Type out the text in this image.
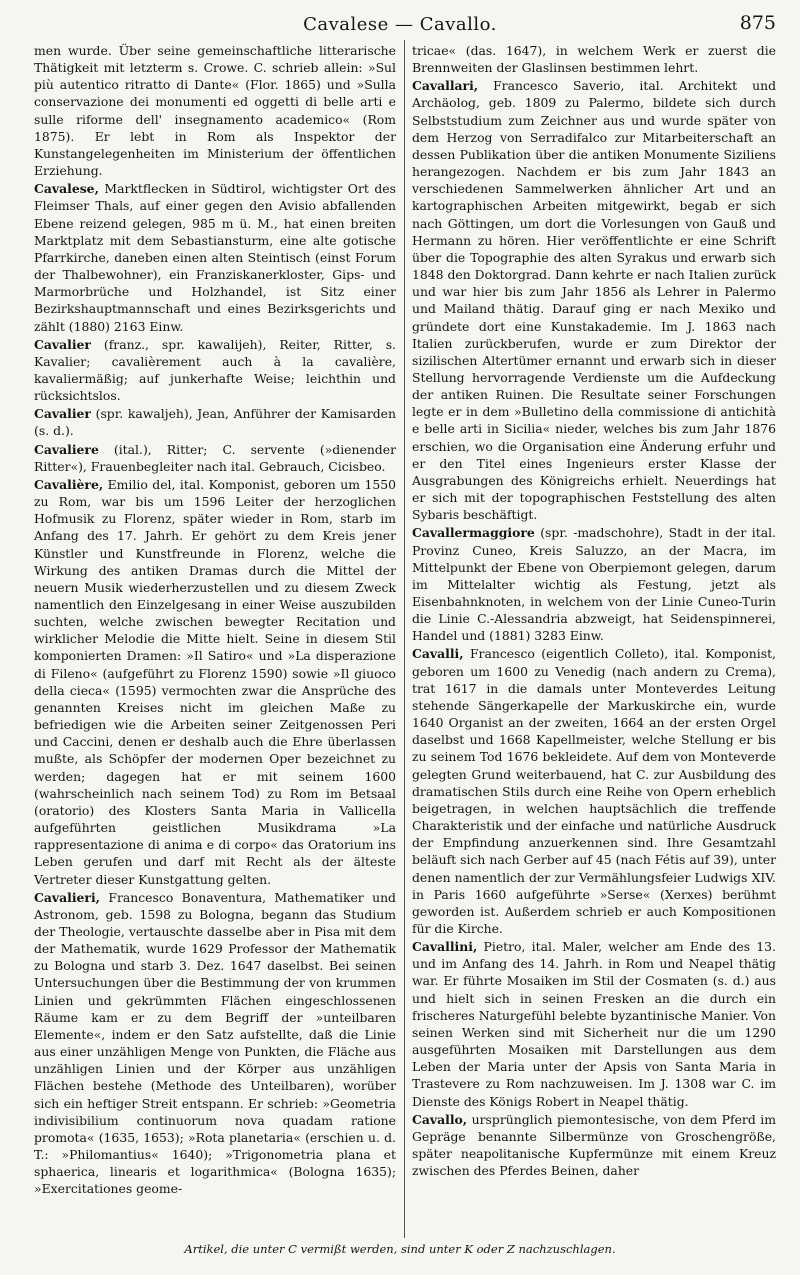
Cavalese — Cavallo.	875

men wurde. Über seine gemeinschaftliche litterarische Thätigkeit mit letzterm s. Crowe. C. schrieb allein: »Sul più autentico ritratto di Dante« (Flor. 1865) und »Sulla conservazione dei monumenti ed oggetti di belle arti e sulle riforme dell' insegnamento academico« (Rom 1875). Er lebt in Rom als Inspektor der Kunstangelegenheiten im Ministerium der öffentlichen Erziehung.

Cavalese, Marktflecken in Südtirol, wichtigster Ort des Fleimser Thals, auf einer gegen den Avisio abfallenden Ebene reizend gelegen, 985 m ü. M., hat einen breiten Marktplatz mit dem Sebastiansturm, eine alte gotische Pfarrkirche, daneben einen alten Steintisch (einst Forum der Thalbewohner), ein Franziskanerkloster, Gips- und Marmorbrüche und Holzhandel, ist Sitz einer Bezirkshauptmannschaft und eines Bezirksgerichts und zählt (1880) 2163 Einw.

Cavalier (franz., spr. kawalijeh), Reiter, Ritter, s. Kavalier; cavalièrement auch à la cavalière, kavaliermäßig; auf junkerhafte Weise; leichthin und rücksichtslos.

Cavalier (spr. kawaljeh), Jean, Anführer der Kamisarden (s. d.).

Cavaliere (ital.), Ritter; C. servente (»dienender Ritter«), Frauenbegleiter nach ital. Gebrauch, Cicisbeo.

Cavalière, Emilio del, ital. Komponist, geboren um 1550 zu Rom, war bis um 1596 Leiter der herzoglichen Hofmusik zu Florenz, später wieder in Rom, starb im Anfang des 17. Jahrh. Er gehört zu dem Kreis jener Künstler und Kunstfreunde in Florenz, welche die Wirkung des antiken Dramas durch die Mittel der neuern Musik wiederherzustellen und zu diesem Zweck namentlich den Einzelgesang in einer Weise auszubilden suchten, welche zwischen bewegter Recitation und wirklicher Melodie die Mitte hielt. Seine in diesem Stil komponierten Dramen: »Il Satiro« und »La disperazione di Fileno« (aufgeführt zu Florenz 1590) sowie »Il giuoco della cieca« (1595) vermochten zwar die Ansprüche des genannten Kreises nicht im gleichen Maße zu befriedigen wie die Arbeiten seiner Zeitgenossen Peri und Caccini, denen er deshalb auch die Ehre überlassen mußte, als Schöpfer der modernen Oper bezeichnet zu werden; dagegen hat er mit seinem 1600 (wahrscheinlich nach seinem Tod) zu Rom im Betsaal (oratorio) des Klosters Santa Maria in Vallicella aufgeführten geistlichen Musikdrama »La rappresentazione di anima e di corpo« das Oratorium ins Leben gerufen und darf mit Recht als der älteste Vertreter dieser Kunstgattung gelten.

Cavalieri, Francesco Bonaventura, Mathematiker und Astronom, geb. 1598 zu Bologna, begann das Studium der Theologie, vertauschte dasselbe aber in Pisa mit dem der Mathematik, wurde 1629 Professor der Mathematik zu Bologna und starb 3. Dez. 1647 daselbst. Bei seinen Untersuchungen über die Bestimmung der von krummen Linien und gekrümmten Flächen eingeschlossenen Räume kam er zu dem Begriff der »unteilbaren Elemente«, indem er den Satz aufstellte, daß die Linie aus einer unzähligen Menge von Punkten, die Fläche aus unzähligen Linien und der Körper aus unzähligen Flächen bestehe (Methode des Unteilbaren), worüber sich ein heftiger Streit entspann. Er schrieb: »Geometria indivisibilium continuorum nova quadam ratione promota« (1635, 1653); »Rota planetaria« (erschien u. d. T.: »Philomantius« 1640); »Trigonometria plana et sphaerica, linearis et logarithmica« (Bologna 1635); »Exercitationes geome-

tricae« (das. 1647), in welchem Werk er zuerst die Brennweiten der Glaslinsen bestimmen lehrt.

Cavallari, Francesco Saverio, ital. Architekt und Archäolog, geb. 1809 zu Palermo, bildete sich durch Selbststudium zum Zeichner aus und wurde später von dem Herzog von Serradifalco zur Mitarbeiterschaft an dessen Publikation über die antiken Monumente Siziliens herangezogen. Nachdem er bis zum Jahr 1843 an verschiedenen Sammelwerken ähnlicher Art und an kartographischen Arbeiten mitgewirkt, begab er sich nach Göttingen, um dort die Vorlesungen von Gauß und Hermann zu hören. Hier veröffentlichte er eine Schrift über die Topographie des alten Syrakus und erwarb sich 1848 den Doktorgrad. Dann kehrte er nach Italien zurück und war hier bis zum Jahr 1856 als Lehrer in Palermo und Mailand thätig. Darauf ging er nach Mexiko und gründete dort eine Kunstakademie. Im J. 1863 nach Italien zurückberufen, wurde er zum Direktor der sizilischen Altertümer ernannt und erwarb sich in dieser Stellung hervorragende Verdienste um die Aufdeckung der antiken Ruinen. Die Resultate seiner Forschungen legte er in dem »Bulletino della commissione di antichità e belle arti in Sicilia« nieder, welches bis zum Jahr 1876 erschien, wo die Organisation eine Änderung erfuhr und er den Titel eines Ingenieurs erster Klasse der Ausgrabungen des Königreichs erhielt. Neuerdings hat er sich mit der topographischen Feststellung des alten Sybaris beschäftigt.

Cavallermaggiore (spr. -madschohre), Stadt in der ital. Provinz Cuneo, Kreis Saluzzo, an der Macra, im Mittelpunkt der Ebene von Oberpiemont gelegen, darum im Mittelalter wichtig als Festung, jetzt als Eisenbahnknoten, in welchem von der Linie Cuneo-Turin die Linie C.-Alessandria abzweigt, hat Seidenspinnerei, Handel und (1881) 3283 Einw.

Cavalli, Francesco (eigentlich Colleto), ital. Komponist, geboren um 1600 zu Venedig (nach andern zu Crema), trat 1617 in die damals unter Monteverdes Leitung stehende Sängerkapelle der Markuskirche ein, wurde 1640 Organist an der zweiten, 1664 an der ersten Orgel daselbst und 1668 Kapellmeister, welche Stellung er bis zu seinem Tod 1676 bekleidete. Auf dem von Monteverde gelegten Grund weiterbauend, hat C. zur Ausbildung des dramatischen Stils durch eine Reihe von Opern erheblich beigetragen, in welchen hauptsächlich die treffende Charakteristik und der einfache und natürliche Ausdruck der Empfindung anzuerkennen sind. Ihre Gesamtzahl beläuft sich nach Gerber auf 45 (nach Fétis auf 39), unter denen namentlich der zur Vermählungsfeier Ludwigs XIV. in Paris 1660 aufgeführte »Serse« (Xerxes) berühmt geworden ist. Außerdem schrieb er auch Kompositionen für die Kirche.

Cavallini, Pietro, ital. Maler, welcher am Ende des 13. und im Anfang des 14. Jahrh. in Rom und Neapel thätig war. Er führte Mosaiken im Stil der Cosmaten (s. d.) aus und hielt sich in seinen Fresken an die durch ein frischeres Naturgefühl belebte byzantinische Manier. Von seinen Werken sind mit Sicherheit nur die um 1290 ausgeführten Mosaiken mit Darstellungen aus dem Leben der Maria unter der Apsis von Santa Maria in Trastevere zu Rom nachzuweisen. Im J. 1308 war C. im Dienste des Königs Robert in Neapel thätig.

Cavallo, ursprünglich piemontesische, von dem Pferd im Gepräge benannte Silbermünze von Groschengröße, später neapolitanische Kupfermünze mit einem Kreuz zwischen des Pferdes Beinen, daher

Artikel, die unter C vermißt werden, sind unter K oder Z nachzuschlagen.
